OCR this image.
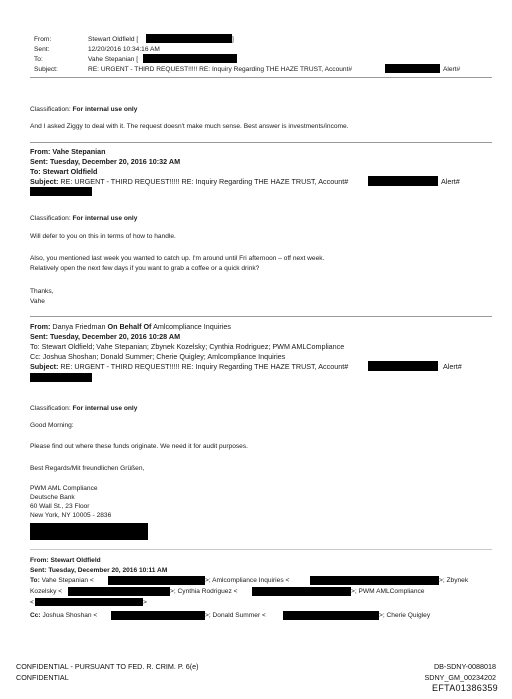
From:	Stewart Oldfield [	]
Sent:	12/20/2016 10:34:16 AM
To:	Vahe Stepanian [
Subject:	RE: URGENT - THIRD REQUEST!!!!! RE: Inquiry Regarding THE HAZE TRUST, Account#	Alert#
Classification: For internal use only
And I asked Ziggy to deal with it. The request doesn't make much sense. Best answer is investments/income.
From: Vahe Stepanian
Sent: Tuesday, December 20, 2016 10:32 AM
To: Stewart Oldfield
Subject: RE: URGENT - THIRD REQUEST!!!!! RE: Inquiry Regarding THE HAZE TRUST, Account#	Alert#
Classification: For internal use only
Will defer to you on this in terms of how to handle.
Also, you mentioned last week you wanted to catch up. I'm around until Fri afternoon – off next week.
Relatively open the next few days if you want to grab a coffee or a quick drink?
Thanks,
Vahe
From: Danya Friedman On Behalf Of Amlcompliance Inquiries
Sent: Tuesday, December 20, 2016 10:28 AM
To: Stewart Oldfield; Vahe Stepanian; Zbynek Kozelsky; Cynthia Rodriguez; PWM AMLCompliance
Cc: Joshua Shoshan; Donald Summer; Cherie Quigley; Amlcompliance Inquiries
Subject: RE: URGENT - THIRD REQUEST!!!!! RE: Inquiry Regarding THE HAZE TRUST, Account#	Alert#
Classification: For internal use only
Good Morning:
Please find out where these funds originate. We need it for audit purposes.
Best Regards/Mit freundlichen Grüßen,
PWM AML Compliance
Deutsche Bank
60 Wall St., 23 Floor
New York, NY 10005 - 2836
From: Stewart Oldfield
Sent: Tuesday, December 20, 2016 10:11 AM
To: Vahe Stepanian <	>; Amlcompliance Inquiries <	>; Zbynek
Kozelsky <	>; Cynthia Rodriguez <	>; PWM AMLCompliance
<	>
Cc: Joshua Shoshan <	>; Donald Summer <	>; Cherie Quigley
CONFIDENTIAL - PURSUANT TO FED. R. CRIM. P. 6(e)
CONFIDENTIAL
DB-SDNY-0088018
SDNY_GM_00234202
EFTA01386359
